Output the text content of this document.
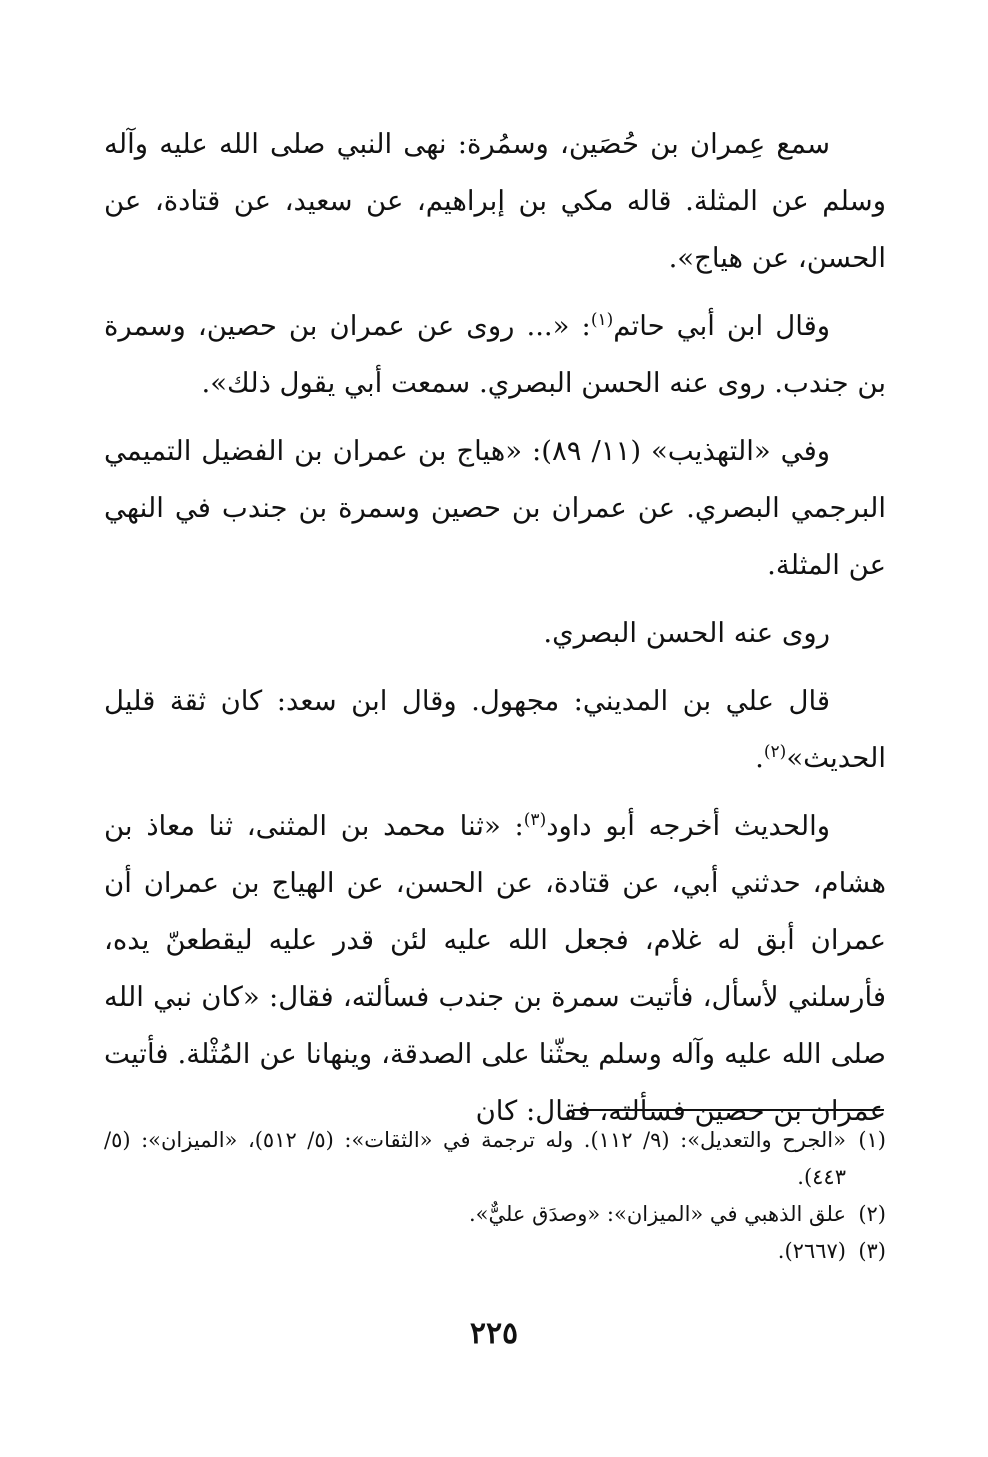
سمع عِمران بن حُصَين، وسمُرة: نهى النبي صلى الله عليه وآله وسلم عن المثلة. قاله مكي بن إبراهيم، عن سعيد، عن قتادة، عن الحسن، عن هياج».

وقال ابن أبي حاتم$^{(١)}$: «... روى عن عمران بن حصين، وسمرة بن جندب. روى عنه الحسن البصري. سمعت أبي يقول ذلك».

وفي «التهذيب» (١١/ ٨٩): «هياج بن عمران بن الفضيل التميمي البرجمي البصري. عن عمران بن حصين وسمرة بن جندب في النهي عن المثلة.

روى عنه الحسن البصري.

قال علي بن المديني: مجهول. وقال ابن سعد: كان ثقة قليل الحديث»$^{(٢)}$.

والحديث أخرجه أبو داود$^{(٣)}$: «ثنا محمد بن المثنى، ثنا معاذ بن هشام، حدثني أبي، عن قتادة، عن الحسن، عن الهياج بن عمران أن عمران أبق له غلام، فجعل الله عليه لئن قدر عليه ليقطعنّ يده، فأرسلني لأسأل، فأتيت سمرة بن جندب فسألته، فقال: «كان نبي الله صلى الله عليه وآله وسلم يحثّنا على الصدقة، وينهانا عن المُثْلة. فأتيت عمران بن حصين فسألته، فقال: كان

(١)
«الجرح والتعديل»: (٩/ ١١٢). وله ترجمة في «الثقات»: (٥/ ٥١٢)، «الميزان»: (٥/ ٤٤٣).

(٢)
علق الذهبي في «الميزان»: «وصدَق عليٌّ».

(٣)
(٢٦٦٧).

٢٢٥
